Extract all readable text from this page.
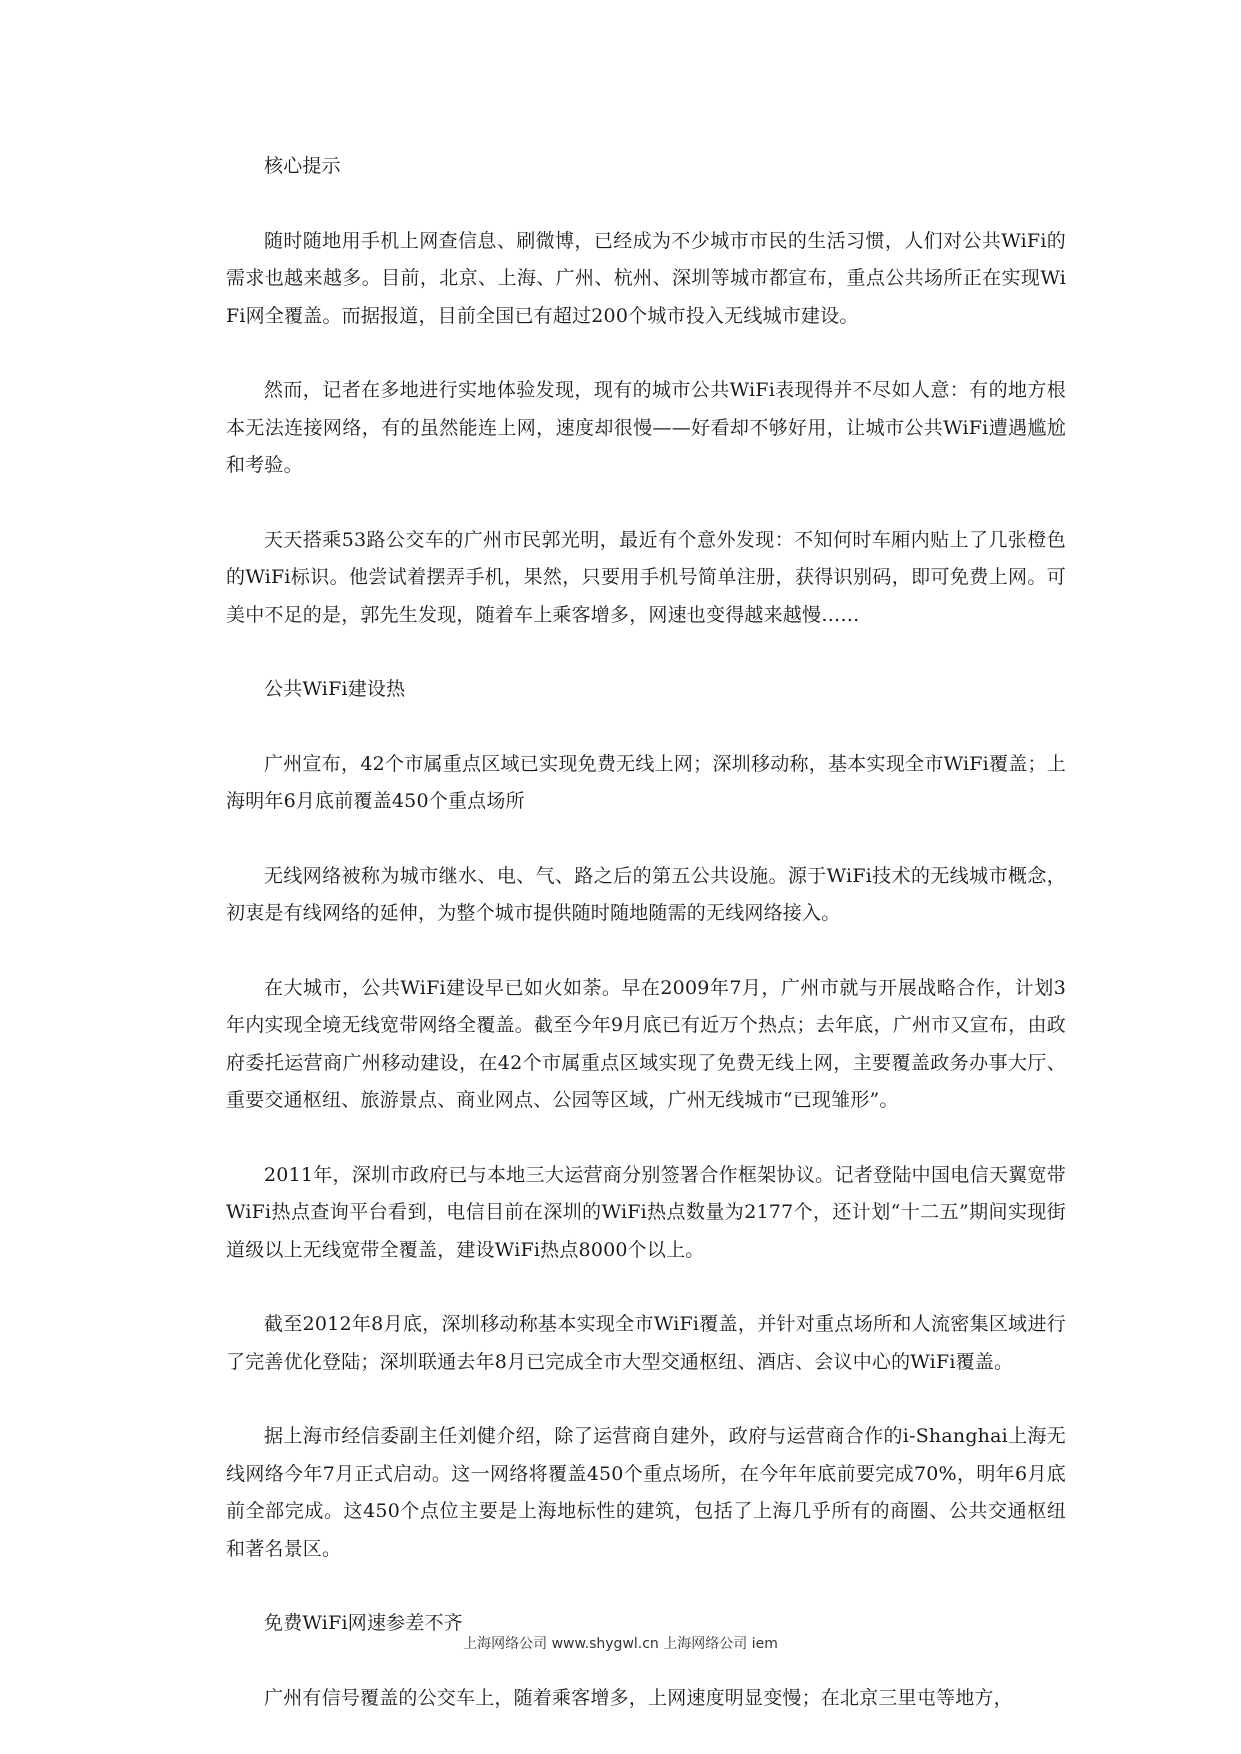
核心提示

随时随地用手机上网查信息、刷微博，已经成为不少城市市民的生活习惯，人们对公共WiFi的需求也越来越多。目前，北京、上海、广州、杭州、深圳等城市都宣布，重点公共场所正在实现WiFi网全覆盖。而据报道，目前全国已有超过200个城市投入无线城市建设。

然而，记者在多地进行实地体验发现，现有的城市公共WiFi表现得并不尽如人意：有的地方根本无法连接网络，有的虽然能连上网，速度却很慢——好看却不够好用，让城市公共WiFi遭遇尴尬和考验。

天天搭乘53路公交车的广州市民郭光明，最近有个意外发现：不知何时车厢内贴上了几张橙色的WiFi标识。他尝试着摆弄手机，果然，只要用手机号简单注册，获得识别码，即可免费上网。可美中不足的是，郭先生发现，随着车上乘客增多，网速也变得越来越慢……

公共WiFi建设热

广州宣布，42个市属重点区域已实现免费无线上网；深圳移动称，基本实现全市WiFi覆盖；上海明年6月底前覆盖450个重点场所

无线网络被称为城市继水、电、气、路之后的第五公共设施。源于WiFi技术的无线城市概念，初衷是有线网络的延伸，为整个城市提供随时随地随需的无线网络接入。

在大城市，公共WiFi建设早已如火如荼。早在2009年7月，广州市就与开展战略合作，计划3年内实现全境无线宽带网络全覆盖。截至今年9月底已有近万个热点；去年底，广州市又宣布，由政府委托运营商广州移动建设，在42个市属重点区域实现了免费无线上网，主要覆盖政务办事大厅、重要交通枢纽、旅游景点、商业网点、公园等区域，广州无线城市“已现雏形”。

2011年，深圳市政府已与本地三大运营商分别签署合作框架协议。记者登陆中国电信天翼宽带WiFi热点查询平台看到，电信目前在深圳的WiFi热点数量为2177个，还计划“十二五”期间实现街道级以上无线宽带全覆盖，建设WiFi热点8000个以上。

截至2012年8月底，深圳移动称基本实现全市WiFi覆盖，并针对重点场所和人流密集区域进行了完善优化登陆；深圳联通去年8月已完成全市大型交通枢纽、酒店、会议中心的WiFi覆盖。

据上海市经信委副主任刘健介绍，除了运营商自建外，政府与运营商合作的i-Shanghai上海无线网络今年7月正式启动。这一网络将覆盖450个重点场所，在今年年底前要完成70%，明年6月底前全部完成。这450个点位主要是上海地标性的建筑，包括了上海几乎所有的商圈、公共交通枢纽和著名景区。

免费WiFi网速参差不齐

广州有信号覆盖的公交车上，随着乘客增多，上网速度明显变慢；在北京三里屯等地方，

上海网络公司 www.shygwl.cn 上海网络公司 iem
